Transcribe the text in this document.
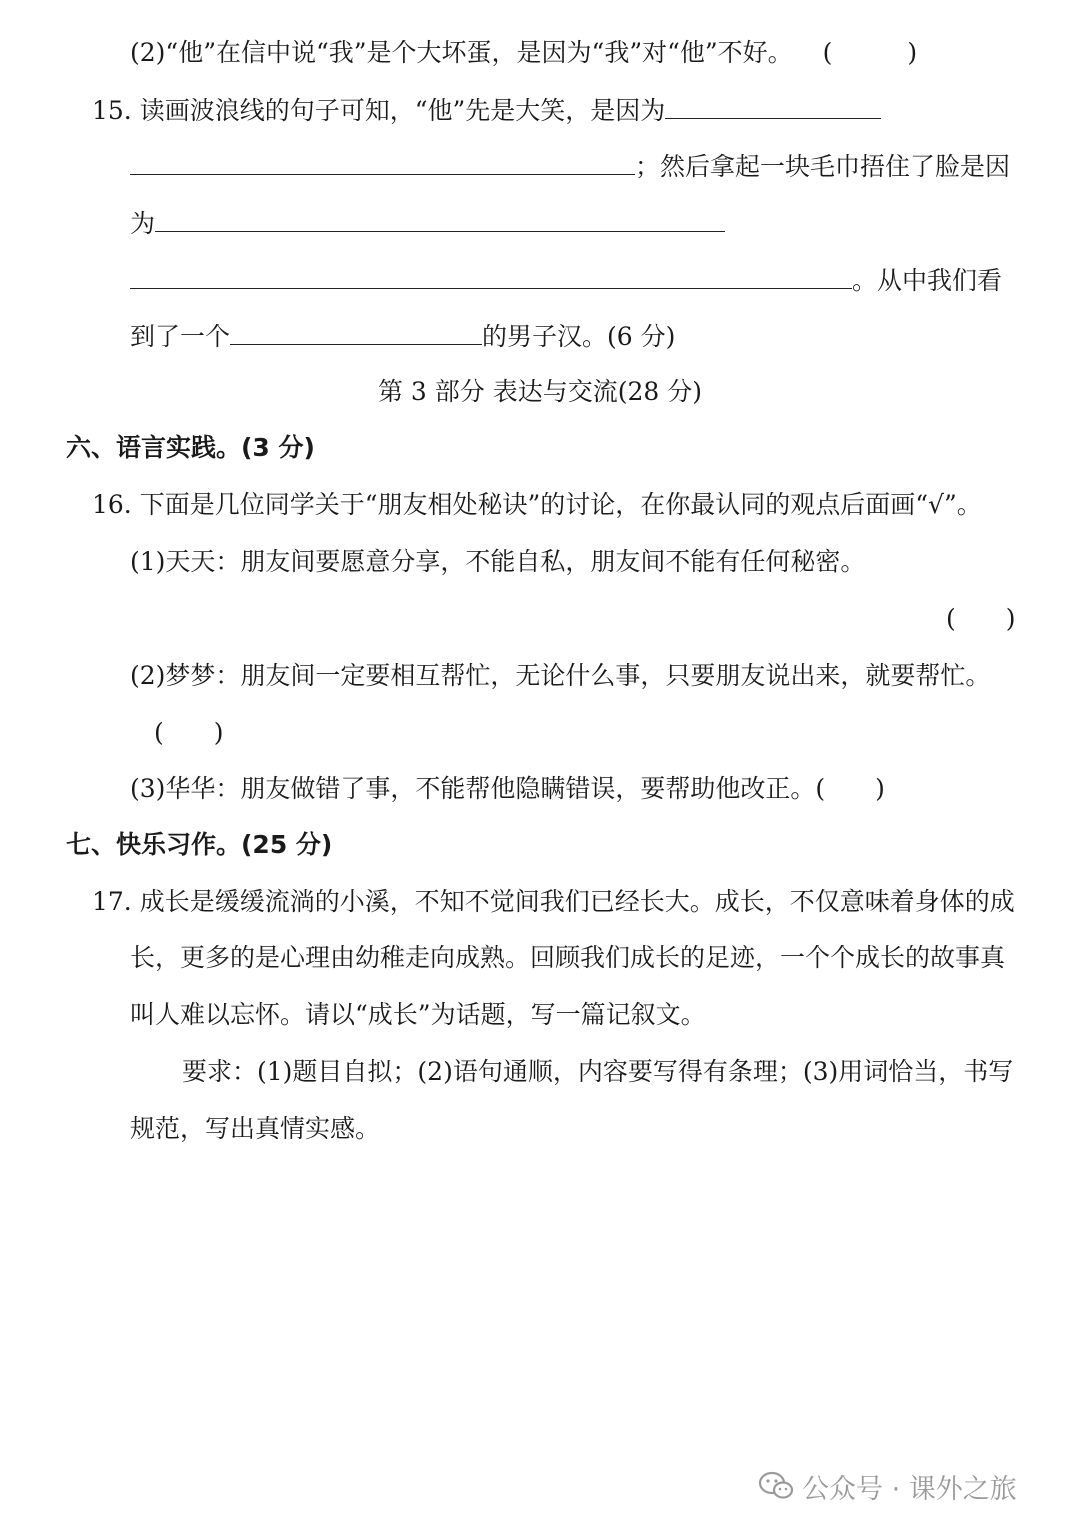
(2)“他”在信中说“我”是个大坏蛋，是因为“我”对“他”不好。 (　　　)
15. 读画波浪线的句子可知，“他”先是大笑，是因为
；然后拿起一块毛巾捂住了脸是因
为
。从中我们看
到了一个	的男子汉。(6 分)
第 3 部分 表达与交流(28 分)
六、语言实践。(3 分)
16. 下面是几位同学关于“朋友相处秘诀”的讨论，在你最认同的观点后面画“√”。
(1)天天：朋友间要愿意分享，不能自私，朋友间不能有任何秘密。
(　　)
(2)梦梦：朋友间一定要相互帮忙，无论什么事，只要朋友说出来，就要帮忙。
(　　)
(3)华华：朋友做错了事，不能帮他隐瞒错误，要帮助他改正。(　　)
七、快乐习作。(25 分)
17. 成长是缓缓流淌的小溪，不知不觉间我们已经长大。成长，不仅意味着身体的成
长，更多的是心理由幼稚走向成熟。回顾我们成长的足迹，一个个成长的故事真
叫人难以忘怀。请以“成长”为话题，写一篇记叙文。
要求：(1)题目自拟；(2)语句通顺，内容要写得有条理；(3)用词恰当，书写
规范，写出真情实感。
公众号 · 课外之旅
